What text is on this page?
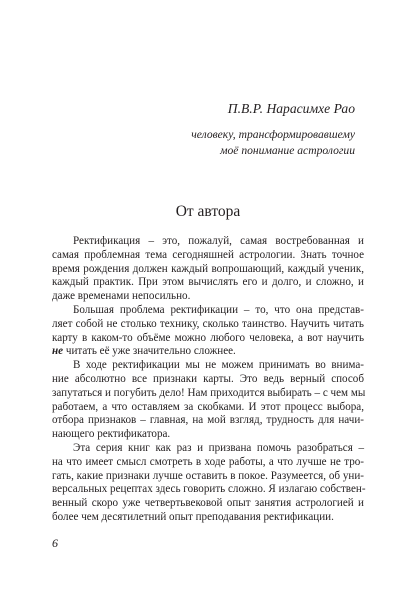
П.В.Р. Нарасимхе Рао
человеку, трансформировавшему
моё понимание астрологии
От автора
Ректификация – это, пожалуй, самая востребованная и
самая проблемная тема сегодняшней астрологии. Знать точное
время рождения должен каждый вопрошающий, каждый ученик,
каждый практик. При этом вычислять его и долго, и сложно, и
даже временами непосильно.
Большая проблема ректификации – то, что она представ-
ляет собой не столько технику, сколько таинство. Научить читать
карту в каком-то объёме можно любого человека, а вот научить
не читать её уже значительно сложнее.
В ходе ректификации мы не можем принимать во внима-
ние абсолютно все признаки карты. Это ведь верный способ
запутаться и погубить дело! Нам приходится выбирать – с чем мы
работаем, а что оставляем за скобками. И этот процесс выбора,
отбора признаков – главная, на мой взгляд, трудность для начи-
нающего ректификатора.
Эта серия книг как раз и призвана помочь разобраться –
на что имеет смысл смотреть в ходе работы, а что лучше не тро-
гать, какие признаки лучше оставить в покое. Разумеется, об уни-
версальных рецептах здесь говорить сложно. Я излагаю собствен-
венный скоро уже четвертьвековой опыт занятия астрологией и
более чем десятилетний опыт преподавания ректификации.
6
